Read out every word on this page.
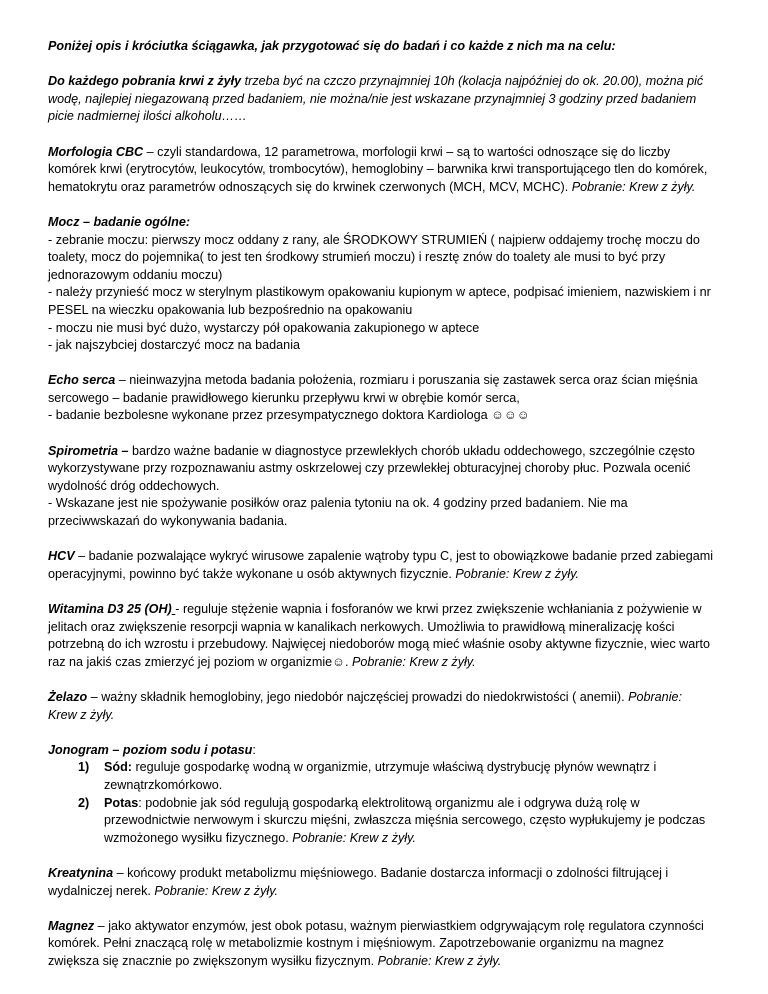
Poniżej opis i króciutka ściągawka, jak przygotować się do badań i co każde z nich ma na celu:

Do każdego pobrania krwi z żyły trzeba być na czczo przynajmniej 10h (kolacja najpóźniej do ok. 20.00), można pić wodę, najlepiej niegazowaną przed badaniem, nie można/nie jest wskazane przynajmniej 3 godziny przed badaniem picie nadmiernej ilości alkoholu……

Morfologia CBC – czyli standardowa, 12 parametrowa, morfologii krwi – są to wartości odnoszące się do liczby komórek krwi (erytrocytów, leukocytów, trombocytów), hemoglobiny – barwnika krwi transportującego tlen do komórek, hematokrytu oraz parametrów odnoszących się do krwinek czerwonych (MCH, MCV, MCHC). Pobranie: Krew z żyły.

Mocz – badanie ogólne:
- zebranie moczu: pierwszy mocz oddany z rany, ale ŚRODKOWY STRUMIEŃ ( najpierw oddajemy trochę moczu do toalety, mocz do pojemnika( to jest ten środkowy strumień moczu) i resztę znów do toalety ale musi to być przy jednorazowym oddaniu moczu)
- należy przynieść mocz w sterylnym plastikowym opakowaniu kupionym w aptece, podpisać imieniem, nazwiskiem i nr PESEL na wieczku opakowania lub bezpośrednio na opakowaniu
- moczu nie musi być dużo, wystarczy pół opakowania zakupionego w aptece
- jak najszybciej dostarczyć mocz na badania

Echo serca – nieinwazyjna metoda badania położenia, rozmiaru i poruszania się zastawek serca oraz ścian mięśnia sercowego – badanie prawidłowego kierunku przepływu krwi w obrębie komór serca,
- badanie bezbolesne wykonane przez przesympatycznego doktora Kardiologa ☺☺☺

Spirometria – bardzo ważne badanie w diagnostyce przewlekłych chorób układu oddechowego, szczególnie często wykorzystywane przy rozpoznawaniu astmy oskrzelowej czy przewlekłej obturacyjnej choroby płuc. Pozwala ocenić wydolność dróg oddechowych.
- Wskazane jest nie spożywanie posiłków oraz palenia tytoniu na ok. 4 godziny przed badaniem. Nie ma przeciwwskazań do wykonywania badania.

HCV – badanie pozwalające wykryć wirusowe zapalenie wątroby typu C, jest to obowiązkowe badanie przed zabiegami operacyjnymi, powinno być także wykonane u osób aktywnych fizycznie. Pobranie: Krew z żyły.

Witamina D3 25 (OH) - reguluje stężenie wapnia i fosforanów we krwi przez zwiększenie wchłaniania z pożywienie w jelitach oraz zwiększenie resorpcji wapnia w kanalikach nerkowych. Umożliwia to prawidłową mineralizację kości potrzebną do ich wzrostu i przebudowy. Najwięcej niedoborów mogą mieć właśnie osoby aktywne fizycznie, wiec warto raz na jakiś czas zmierzyć jej poziom w organizmie☺. Pobranie: Krew z żyły.

Żelazo – ważny składnik hemoglobiny, jego niedobór najczęściej prowadzi do niedokrwistości ( anemii). Pobranie: Krew z żyły.

Jonogram – poziom sodu i potasu:
1) Sód: reguluje gospodarkę wodną w organizmie, utrzymuje właściwą dystrybucję płynów wewnątrz i zewnątrzkomórkowo.
2) Potas: podobnie jak sód regulują gospodarką elektrolitową organizmu ale i odgrywa dużą rolę w przewodnictwie nerwowym i skurczu mięśni, zwłaszcza mięśnia sercowego, często wypłukujemy je podczas wzmożonego wysiłku fizycznego. Pobranie: Krew z żyły.

Kreatynina – końcowy produkt metabolizmu mięśniowego. Badanie dostarcza informacji o zdolności filtrującej i wydalniczej nerek. Pobranie: Krew z żyły.

Magnez – jako aktywator enzymów, jest obok potasu, ważnym pierwiastkiem odgrywającym rolę regulatora czynności komórek. Pełni znaczącą rolę w metabolizmie kostnym i mięśniowym. Zapotrzebowanie organizmu na magnez zwiększa się znacznie po zwiększonym wysiłku fizycznym. Pobranie: Krew z żyły.
